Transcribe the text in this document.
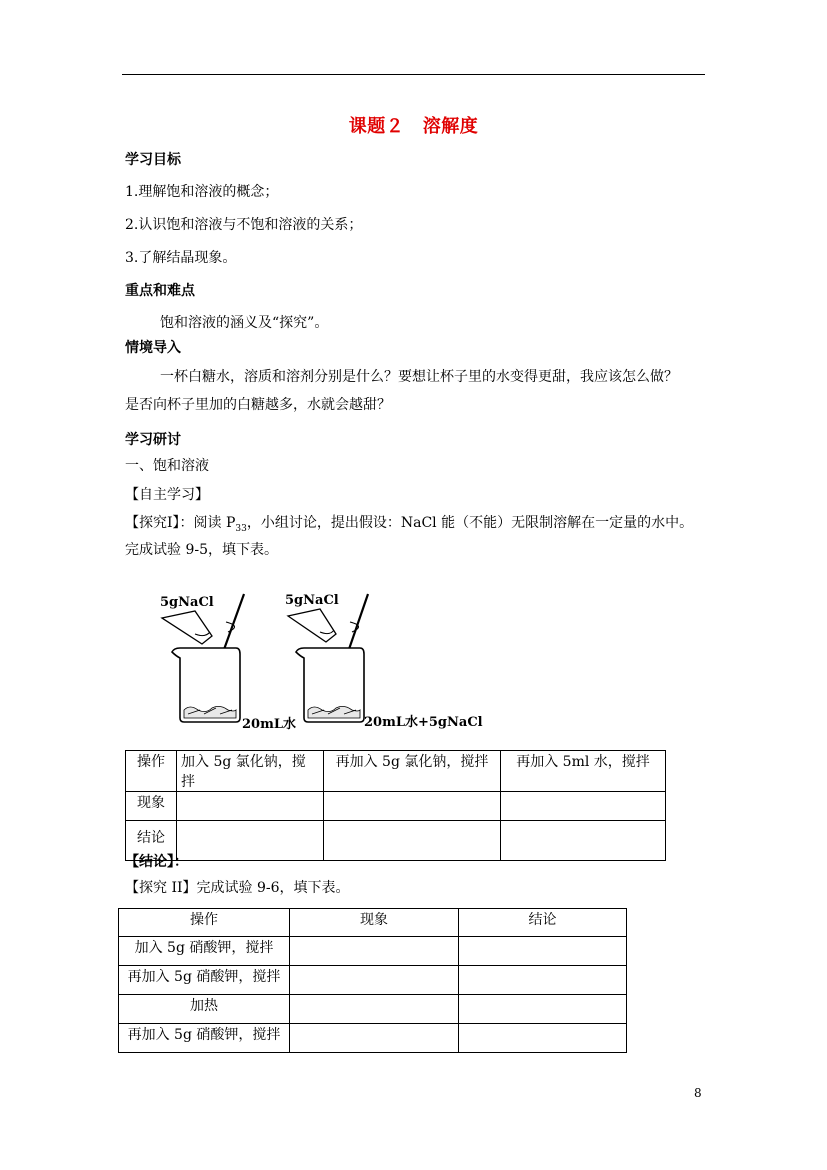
课题２　溶解度
学习目标
1.理解饱和溶液的概念；
2.认识饱和溶液与不饱和溶液的关系；
3.了解结晶现象。
重点和难点
饱和溶液的涵义及“探究”。
情境导入
一杯白糖水，溶质和溶剂分别是什么？要想让杯子里的水变得更甜，我应该怎么做？
是否向杯子里加的白糖越多，水就会越甜？
学习研讨
一、饱和溶液
【自主学习】
【探究Ⅰ】：阅读 $P_{33}$，小组讨论，提出假设：NaCl 能（不能）无限制溶解在一定量的水中。
完成试验 9-5，填下表。
5gNaCl
20mL水
5gNaCl
20mL水+5gNaCl
操作	加入 5g 氯化钠，搅拌	再加入 5g 氯化钠，搅拌	再加入 5ml 水，搅拌
现象			
结论			
【结论】：
【探究 II】完成试验 9-6，填下表。
操作	现象	结论
加入 5g 硝酸钾，搅拌		
再加入 5g 硝酸钾，搅拌		
加热		
再加入 5g 硝酸钾，搅拌		
8
